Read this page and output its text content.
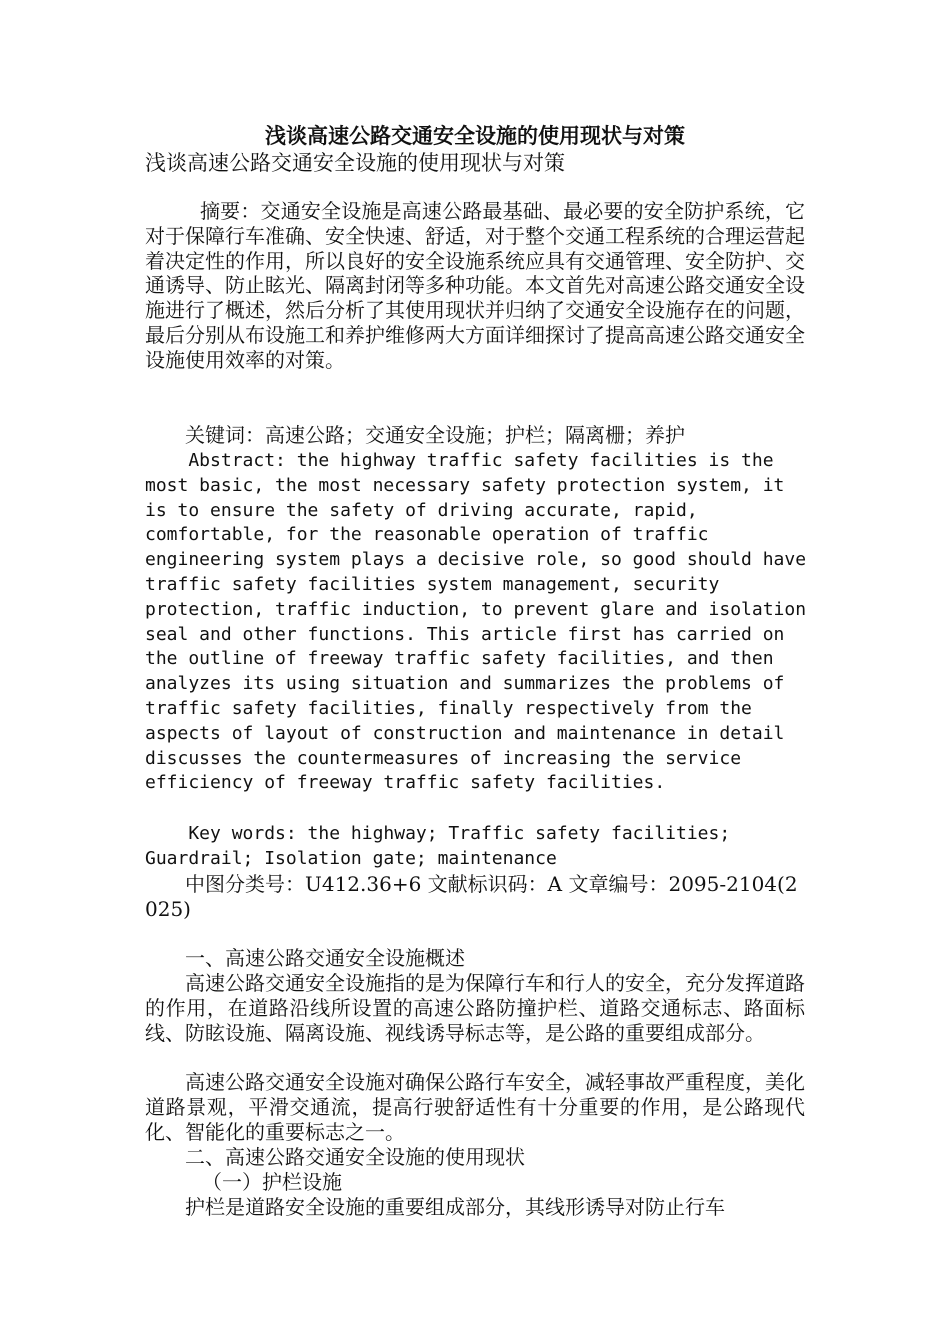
浅谈高速公路交通安全设施的使用现状与对策
浅谈高速公路交通安全设施的使用现状与对策
摘要：交通安全设施是高速公路最基础、最必要的安全防护系统，它对于保障行车准确、安全快速、舒适，对于整个交通工程系统的合理运营起着决定性的作用，所以良好的安全设施系统应具有交通管理、安全防护、交通诱导、防止眩光、隔离封闭等多种功能。本文首先对高速公路交通安全设施进行了概述，然后分析了其使用现状并归纳了交通安全设施存在的问题，最后分别从布设施工和养护维修两大方面详细探讨了提高高速公路交通安全设施使用效率的对策。
关键词：高速公路；交通安全设施；护栏；隔离栅；养护
Abstract: the highway traffic safety facilities is the most basic, the most necessary safety protection system, it is to ensure the safety of driving accurate, rapid, comfortable, for the reasonable operation of traffic engineering system plays a decisive role, so good should have traffic safety facilities system management, security protection, traffic induction, to prevent glare and isolation seal and other functions. This article first has carried on the outline of freeway traffic safety facilities, and then analyzes its using situation and summarizes the problems of traffic safety facilities, finally respectively from the aspects of layout of construction and maintenance in detail discusses the countermeasures of increasing the service efficiency of freeway traffic safety facilities.
Key words: the highway; Traffic safety facilities; Guardrail; Isolation gate; maintenance
中图分类号：U412.36+6 文献标识码：A 文章编号：2095-2104(2025)
一、高速公路交通安全设施概述
高速公路交通安全设施指的是为保障行车和行人的安全，充分发挥道路的作用，在道路沿线所设置的高速公路防撞护栏、道路交通标志、路面标线、防眩设施、隔离设施、视线诱导标志等，是公路的重要组成部分。
高速公路交通安全设施对确保公路行车安全，减轻事故严重程度，美化道路景观，平滑交通流，提高行驶舒适性有十分重要的作用，是公路现代化、智能化的重要标志之一。
二、高速公路交通安全设施的使用现状
（一）护栏设施
护栏是道路安全设施的重要组成部分，其线形诱导对防止行车
